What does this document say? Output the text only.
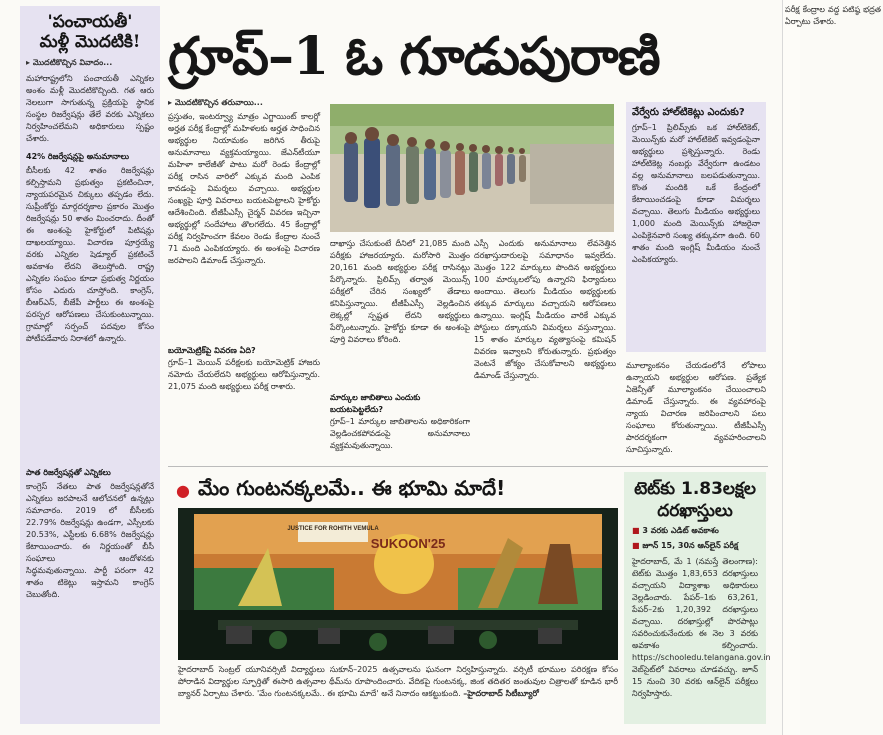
'పంచాయతీ'
మళ్లీ మొదటికి!
▸ మొదటికొచ్చిన వివాదం...

మహారాష్ట్రలోని పంచాయతీ ఎన్నికల అంశం మళ్లీ మొదటికొచ్చింది. గత ఆరు నెలలుగా సాగుతున్న ప్రక్రియపై స్థానిక సంస్థల రిజర్వేషన్లు తేలే వరకు ఎన్నికలు నిర్వహించలేమని అధికారులు స్పష్టం చేశారు.

42% రిజర్వేషన్లపై అనుమానాలు

బీసీలకు 42 శాతం రిజర్వేషన్లు కల్పిస్తామని ప్రభుత్వం ప్రకటించినా, న్యాయపరమైన చిక్కులు తప్పడం లేదు. సుప్రీంకోర్టు మార్గదర్శకాల ప్రకారం మొత్తం రిజర్వేషన్లు 50 శాతం మించరాదు. దీంతో ఈ అంశంపై హైకోర్టులో పిటిషన్లు దాఖలయ్యాయి. విచారణ పూర్తయ్యే వరకు ఎన్నికల షెడ్యూల్ ప్రకటించే అవకాశం లేదని తెలుస్తోంది. రాష్ట్ర ఎన్నికల సంఘం కూడా ప్రభుత్వ నిర్ణయం కోసం ఎదురు చూస్తోంది. కాంగ్రెస్, బీఆర్ఎస్, బీజేపీ పార్టీలు ఈ అంశంపై పరస్పర ఆరోపణలు చేసుకుంటున్నాయి. గ్రామాల్లో సర్పంచ్ పదవుల కోసం పోటీపడేవారు నిరాశలో ఉన్నారు.

పాత రిజర్వేషన్లతో ఎన్నికలు

కాంగ్రెస్ నేతలు పాత రిజర్వేషన్లతోనే ఎన్నికలు జరపాలనే ఆలోచనలో ఉన్నట్లు సమాచారం. 2019 లో బీసీలకు 22.79% రిజర్వేషన్లు ఉండగా, ఎస్సీలకు 20.53%, ఎస్టీలకు 6.68% రిజర్వేషన్లు కేటాయించారు. ఈ నిర్ణయంతో బీసీ సంఘాలు ఆందోళనకు సిద్ధమవుతున్నాయి. పార్టీ పరంగా 42 శాతం టికెట్లు ఇస్తామని కాంగ్రెస్ చెబుతోంది.

గ్రూప్–1 ఓ గూడుపురాణి
▸ మొదటికొచ్చిన తరువాయి...

ప్రస్తుతం, ఇంటర్వ్యూ మాత్రం ఎగ్జాయింట్ కాలర్లో అర్హత పరీక్ష కేంద్రాల్లో మహిళలకు అర్హత సాధించిన అభ్యర్థుల నియామకం జరిగిన తీరుపై అనుమానాలు వ్యక్తమయ్యాయి. జేఎన్‌టీయూ మహిళా కాలేజీతో పాటు మరో రెండు కేంద్రాల్లో పరీక్ష రాసిన వారిలో ఎక్కువ మంది ఎంపిక కావడంపై విమర్శలు వచ్చాయి. అభ్యర్థుల సంఖ్యపై పూర్తి వివరాలు బయటపెట్టాలని హైకోర్టు ఆదేశించింది. టీజీపీఎస్సీ చైర్మన్ వివరణ ఇచ్చినా అభ్యర్థుల్లో సందేహాలు తొలగలేదు. 45 కేంద్రాల్లో పరీక్ష నిర్వహించగా కేవలం రెండు కేంద్రాల నుంచే 71 మంది ఎంపికయ్యారు. ఈ అంశంపై విచారణ జరపాలని డిమాండ్ చేస్తున్నారు.

బయోమెట్రిక్‌పై వివరణ ఏది?

గ్రూప్–1 మెయిన్ పరీక్షలకు బయోమెట్రిక్ హాజరు నమోదు చేయలేదని అభ్యర్థులు ఆరోపిస్తున్నారు. 21,075 మంది అభ్యర్థులు పరీక్ష రాశారు.

దాఖాస్తు చేసుకుంటే దీనిలో 21,085 మంది పరీక్షకు హాజరయ్యారు. మరోసారి మొత్తం 20,161 మంది అభ్యర్థుల పరీక్ష రాసినట్లు పేర్కొన్నారు. ప్రిలిమ్స్ తర్వాత మెయిన్స్ పరీక్షలో చేరిన సంఖ్యలో తేడాలు కనిపిస్తున్నాయి. టీజీపీఎస్సీ వెల్లడించిన లెక్కల్లో స్పష్టత లేదని అభ్యర్థులు పేర్కొంటున్నారు. హైకోర్టు కూడా ఈ అంశంపై పూర్తి వివరాలు కోరింది.

మార్కుల జాబితాలు ఎందుకు బయటపెట్టలేదు?

గ్రూప్–1 మార్కుల జాబితాలను అధికారికంగా వెల్లడించకపోవడంపై అనుమానాలు వ్యక్తమవుతున్నాయి.

ఎస్సీ ఎందుకు అనుమానాలు లేవనెత్తిన దరఖాస్తుదారులపై సమాధానం ఇవ్వలేదు. మొత్తం 122 మార్కులు పొందిన అభ్యర్థులు 100 మార్కులలోపు ఉన్నారని ఫిర్యాదులు అందాయి. తెలుగు మీడియం అభ్యర్థులకు తక్కువ మార్కులు వచ్చాయని ఆరోపణలు ఉన్నాయి. ఇంగ్లిష్ మీడియం వారికే ఎక్కువ పోస్టులు దక్కాయని విమర్శలు వస్తున్నాయి. 15 శాతం మార్కుల వ్యత్యాసంపై కమిషన్ వివరణ ఇవ్వాలని కోరుతున్నారు. ప్రభుత్వం వెంటనే జోక్యం చేసుకోవాలని అభ్యర్థులు డిమాండ్ చేస్తున్నారు.

వేర్వేరు హాల్‌టికెట్లు ఎందుకు?

గ్రూప్–1 ప్రిలిమ్స్‌కు ఒక హాల్‌టికెట్, మెయిన్స్‌కు మరో హాల్‌టికెట్ ఇవ్వడంపైనా అభ్యర్థులు ప్రశ్నిస్తున్నారు. రెండు హాల్‌టికెట్ల నంబర్లు వేర్వేరుగా ఉండటం వల్ల అనుమానాలు బలపడుతున్నాయి. కొంత మందికి ఒకే కేంద్రంలో కేటాయించడంపై కూడా విమర్శలు వచ్చాయి. తెలుగు మీడియం అభ్యర్థులు 1,000 మంది మెయిన్స్‌కు హాజరైనా ఎంపికైనవారి సంఖ్య తక్కువగా ఉంది. 60 శాతం మంది ఇంగ్లిష్ మీడియం నుంచే ఎంపికయ్యారు.

మూల్యాంకనం చేయడంలోనే లోపాలు ఉన్నాయని అభ్యర్థుల ఆరోపణ. ప్రత్యేక ఏజెన్సీతో మూల్యాంకనం చేయించాలని డిమాండ్ చేస్తున్నారు. ఈ వ్యవహారంపై న్యాయ విచారణ జరిపించాలని పలు సంఘాలు కోరుతున్నాయి. టీజీపీఎస్సీ పారదర్శకంగా వ్యవహరించాలని సూచిస్తున్నారు.

● మేం గుంటనక్కలమే.. ఈ భూమి మాదే!
JUSTICE FOR ROHITH VEMULA
SUKOON'25

హైదరాబాద్ సెంట్రల్ యూనివర్సిటీ విద్యార్థులు సుకూన్–2025 ఉత్సవాలను ఘనంగా నిర్వహిస్తున్నారు. వర్సిటీ భూముల పరిరక్షణ కోసం పోరాడిన విద్యార్థుల స్ఫూర్తితో ఈసారి ఉత్సవాల థీమ్‌ను రూపొందించారు. వేదికపై గుంటనక్క, జింక తదితర జంతువుల చిత్రాలతో కూడిన భారీ బ్యానర్ ఏర్పాటు చేశారు. 'మేం గుంటనక్కలమే.. ఈ భూమి మాదే' అనే నినాదం ఆకట్టుకుంది. –హైదరాబాద్ సిటీబ్యూరో

టెట్‌కు 1.83లక్షల
దరఖాస్తులు
■ 3 వరకు ఎడిట్ అవకాశం
■ జూన్ 15, 30న ఆన్‌లైన్ పరీక్ష

హైదరాబాద్, మే 1 (నమస్తే తెలంగాణ): టెట్‌కు మొత్తం 1,83,653 దరఖాస్తులు వచ్చాయని విద్యాశాఖ అధికారులు వెల్లడించారు. పేపర్–1కు 63,261, పేపర్–2కు 1,20,392 దరఖాస్తులు వచ్చాయి. దరఖాస్తుల్లో పొరపాట్లు సవరించుకునేందుకు ఈ నెల 3 వరకు అవకాశం కల్పించారు. https://schooledu.telangana.gov.in వెబ్‌సైట్‌లో వివరాలు చూడవచ్చు. జూన్ 15 నుంచి 30 వరకు ఆన్‌లైన్ పరీక్షలు నిర్వహిస్తారు.

పరీక్ష కేంద్రాల వద్ద పటిష్ఠ భద్రత ఏర్పాటు చేశారు.
